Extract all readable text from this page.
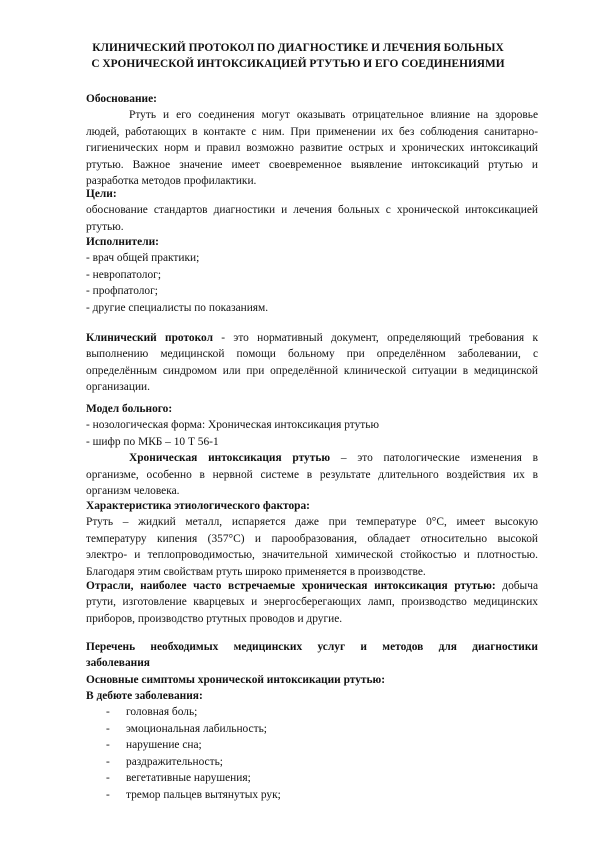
КЛИНИЧЕСКИЙ ПРОТОКОЛ ПО ДИАГНОСТИКЕ И ЛЕЧЕНИЯ БОЛЬНЫХ
С ХРОНИЧЕСКОЙ ИНТОКСИКАЦИЕЙ РТУТЬЮ И ЕГО СОЕДИНЕНИЯМИ
Обоснование:
Ртуть и его соединения могут оказывать отрицательное влияние на здоровье
людей, работающих в контакте с ним. При применении их без соблюдения санитарно-
гигиенических норм и правил возможно развитие острых и хронических интоксикаций
ртутью. Важное значение имеет своевременное выявление интоксикаций ртутью и
разработка методов профилактики.
Цели:
обоснование стандартов диагностики и лечения больных с хронической интоксикацией
ртутью.
Исполнители:
- врач общей практики;
- невропатолог;
- профпатолог;
- другие специалисты по показаниям.
Клинический протокол - это нормативный документ, определяющий требования к
выполнению медицинской помощи больному при определённом заболевании, с
определённым синдромом или при определённой клинической ситуации в медицинской
организации.
Модел больного:
- нозологическая форма: Хроническая интоксикация ртутью
- шифр по МКБ – 10 Т 56-1
Хроническая интоксикация ртутью – это патологические изменения в
организме, особенно в нервной системе в результате длительного воздействия их в
организм человека.
Характеристика этиологического фактора:
Ртуть – жидкий металл, испаряется даже при температуре 0°С, имеет высокую
температуру кипения (357°С) и парообразования, обладает относительно высокой
электро- и теплопроводимостью, значительной химической стойкостью и плотностью.
Благодаря этим свойствам ртуть широко применяется в производстве.
Отрасли, наиболее часто встречаемые хроническая интоксикация ртутью: добыча
ртути, изготовление кварцевых и энергосберегающих ламп, производство медицинских
приборов, производство ртутных проводов и другие.
Перечень необходимых медицинских услуг и методов для диагностики
заболевания
Основные симптомы хронической интоксикации ртутью:
В дебюте заболевания:
- головная боль;
- эмоциональная лабильность;
- нарушение сна;
- раздражительность;
- вегетативные нарушения;
- тремор пальцев вытянутых рук;
